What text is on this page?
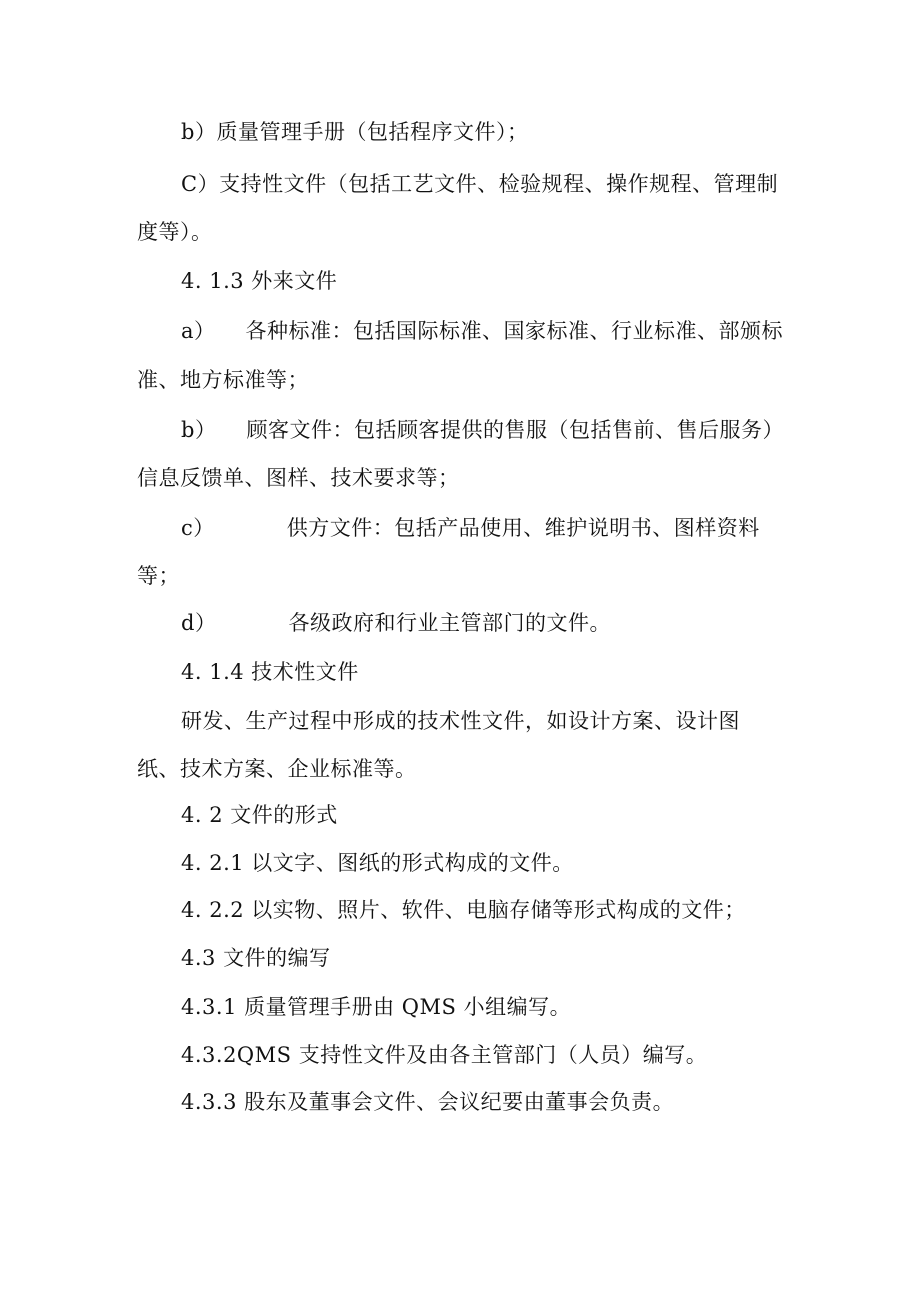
b）质量管理手册（包括程序文件）；
C）支持性文件（包括工艺文件、检验规程、操作规程、管理制
度等）。
4. 1.3 外来文件
a） 各种标准：包括国际标准、国家标准、行业标准、部颁标
准、地方标准等；
b） 顾客文件：包括顾客提供的售服（包括售前、售后服务）
信息反馈单、图样、技术要求等；
c）	供方文件：包括产品使用、维护说明书、图样资料
等；
d）	各级政府和行业主管部门的文件。
4. 1.4 技术性文件
研发、生产过程中形成的技术性文件，如设计方案、设计图
纸、技术方案、企业标准等。
4. 2 文件的形式
4. 2.1 以文字、图纸的形式构成的文件。
4. 2.2 以实物、照片、软件、电脑存储等形式构成的文件；
4.3 文件的编写
4.3.1 质量管理手册由 QMS 小组编写。
4.3.2QMS 支持性文件及由各主管部门（人员）编写。
4.3.3 股东及董事会文件、会议纪要由董事会负责。
